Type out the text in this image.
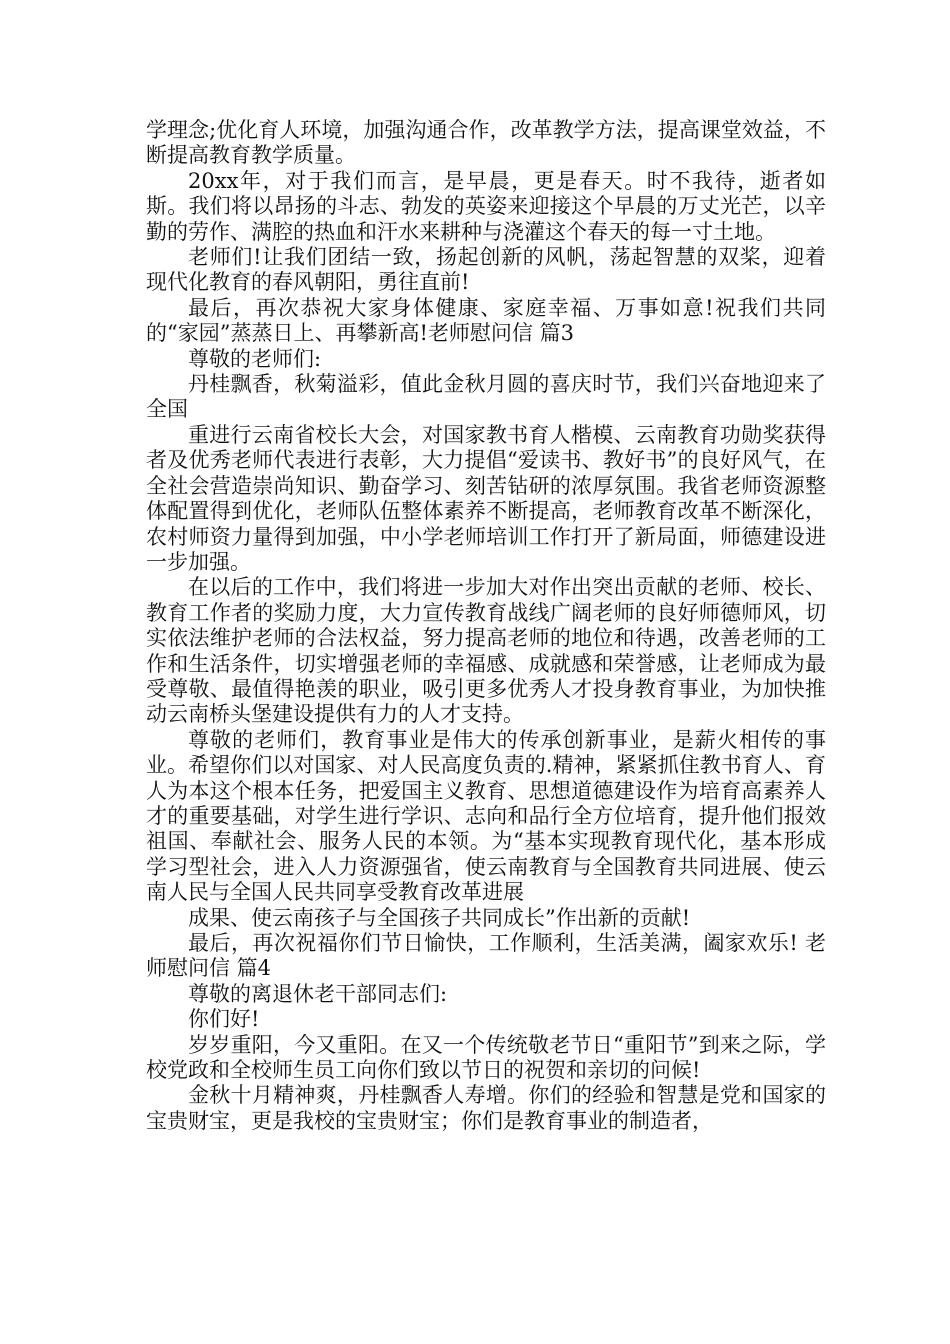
学理念;优化育人环境，加强沟通合作，改革教学方法，提高课堂效益，不断提高教育教学质量。

20xx年，对于我们而言，是早晨，更是春天。时不我待，逝者如斯。我们将以昂扬的斗志、勃发的英姿来迎接这个早晨的万丈光芒，以辛勤的劳作、满腔的热血和汗水来耕种与浇灌这个春天的每一寸土地。

老师们!让我们团结一致，扬起创新的风帆，荡起智慧的双桨，迎着现代化教育的春风朝阳，勇往直前!

最后，再次恭祝大家身体健康、家庭幸福、万事如意!祝我们共同的“家园”蒸蒸日上、再攀新高!老师慰问信 篇3

尊敬的老师们:

丹桂飘香，秋菊溢彩，值此金秋月圆的喜庆时节，我们兴奋地迎来了全国

重进行云南省校长大会，对国家教书育人楷模、云南教育功勋奖获得者及优秀老师代表进行表彰，大力提倡“爱读书、教好书”的良好风气，在全社会营造崇尚知识、勤奋学习、刻苦钻研的浓厚氛围。我省老师资源整体配置得到优化，老师队伍整体素养不断提高，老师教育改革不断深化，农村师资力量得到加强，中小学老师培训工作打开了新局面，师德建设进一步加强。

在以后的工作中，我们将进一步加大对作出突出贡献的老师、校长、教育工作者的奖励力度，大力宣传教育战线广阔老师的良好师德师风，切实依法维护老师的合法权益，努力提高老师的地位和待遇，改善老师的工作和生活条件，切实增强老师的幸福感、成就感和荣誉感，让老师成为最受尊敬、最值得艳羡的职业，吸引更多优秀人才投身教育事业，为加快推动云南桥头堡建设提供有力的人才支持。

尊敬的老师们，教育事业是伟大的传承创新事业，是薪火相传的事业。希望你们以对国家、对人民高度负责的.精神，紧紧抓住教书育人、育人为本这个根本任务，把爱国主义教育、思想道德建设作为培育高素养人才的重要基础，对学生进行学识、志向和品行全方位培育，提升他们报效祖国、奉献社会、服务人民的本领。为“基本实现教育现代化，基本形成学习型社会，进入人力资源强省，使云南教育与全国教育共同进展、使云南人民与全国人民共同享受教育改革进展

成果、使云南孩子与全国孩子共同成长”作出新的贡献!

最后，再次祝福你们节日愉快，工作顺利，生活美满，阖家欢乐! 老师慰问信 篇4

尊敬的离退休老干部同志们:

你们好!

岁岁重阳，今又重阳。在又一个传统敬老节日“重阳节”到来之际，学校党政和全校师生员工向你们致以节日的祝贺和亲切的问候!

金秋十月精神爽，丹桂飘香人寿增。你们的经验和智慧是党和国家的宝贵财宝，更是我校的宝贵财宝；你们是教育事业的制造者，
